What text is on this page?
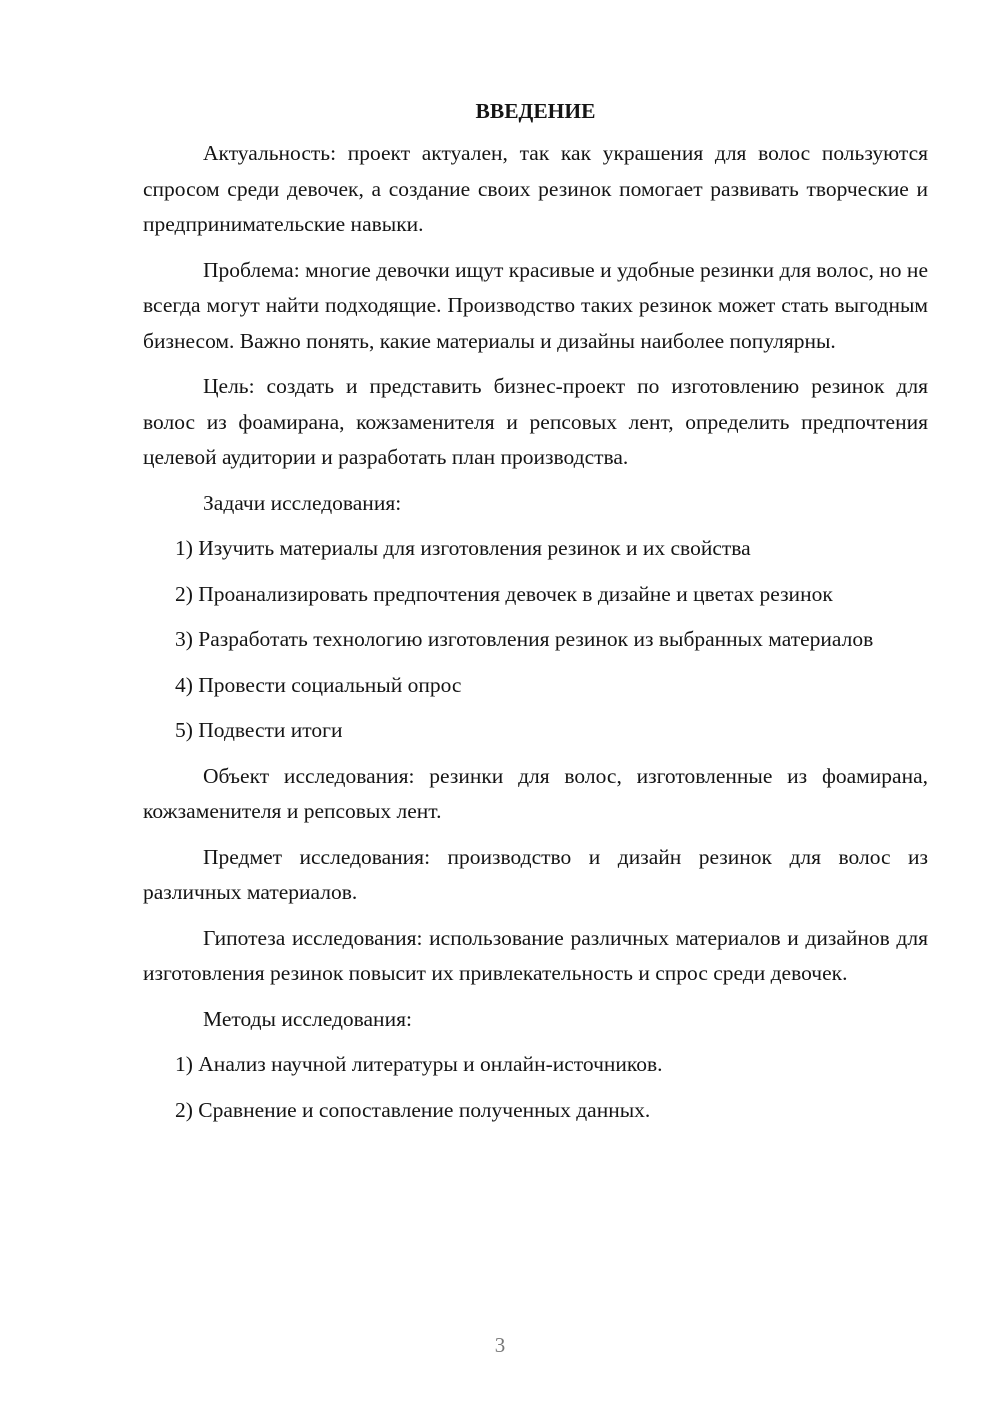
ВВЕДЕНИЕ

Актуальность: проект актуален, так как украшения для волос пользуются спросом среди девочек, а создание своих резинок помогает развивать творческие и предпринимательские навыки.

Проблема: многие девочки ищут красивые и удобные резинки для волос, но не всегда могут найти подходящие. Производство таких резинок может стать выгодным бизнесом. Важно понять, какие материалы и дизайны наиболее популярны.

Цель: создать и представить бизнес-проект по изготовлению резинок для волос из фоамирана, кожзаменителя и репсовых лент, определить предпочтения целевой аудитории и разработать план производства.

Задачи исследования:

1) Изучить материалы для изготовления резинок и их свойства

2) Проанализировать предпочтения девочек в дизайне и цветах резинок

3) Разработать технологию изготовления резинок из выбранных материалов

4) Провести социальный опрос

5) Подвести итоги

Объект исследования: резинки для волос, изготовленные из фоамирана, кожзаменителя и репсовых лент.

Предмет исследования: производство и дизайн резинок для волос из различных материалов.

Гипотеза исследования: использование различных материалов и дизайнов для изготовления резинок повысит их привлекательность и спрос среди девочек.

Методы исследования:

1) Анализ научной литературы и онлайн-источников.

2) Сравнение и сопоставление полученных данных.

3
